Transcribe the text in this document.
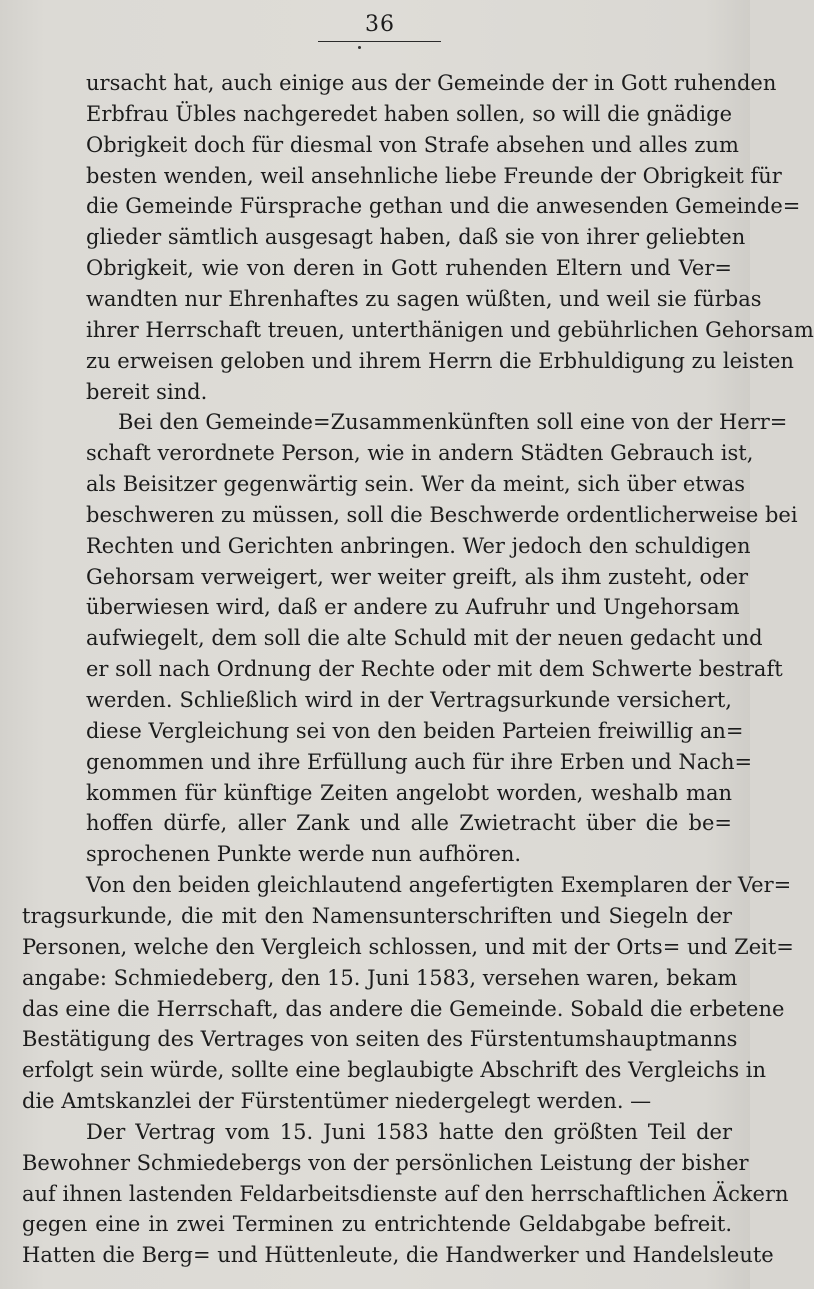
36
ursacht hat, auch einige aus der Gemeinde der in Gott ruhenden
Erbfrau Übles nachgeredet haben sollen, so will die gnädige
Obrigkeit doch für diesmal von Strafe absehen und alles zum
besten wenden, weil ansehnliche liebe Freunde der Obrigkeit für
die Gemeinde Fürsprache gethan und die anwesenden Gemeinde=
glieder sämtlich ausgesagt haben, daß sie von ihrer geliebten
Obrigkeit, wie von deren in Gott ruhenden Eltern und Ver=
wandten nur Ehrenhaftes zu sagen wüßten, und weil sie fürbas
ihrer Herrschaft treuen, unterthänigen und gebührlichen Gehorsam
zu erweisen geloben und ihrem Herrn die Erbhuldigung zu leisten
bereit sind.
Bei den Gemeinde=Zusammenkünften soll eine von der Herr=
schaft verordnete Person, wie in andern Städten Gebrauch ist,
als Beisitzer gegenwärtig sein. Wer da meint, sich über etwas
beschweren zu müssen, soll die Beschwerde ordentlicherweise bei
Rechten und Gerichten anbringen. Wer jedoch den schuldigen
Gehorsam verweigert, wer weiter greift, als ihm zusteht, oder
überwiesen wird, daß er andere zu Aufruhr und Ungehorsam
aufwiegelt, dem soll die alte Schuld mit der neuen gedacht und
er soll nach Ordnung der Rechte oder mit dem Schwerte bestraft
werden. Schließlich wird in der Vertragsurkunde versichert,
diese Vergleichung sei von den beiden Parteien freiwillig an=
genommen und ihre Erfüllung auch für ihre Erben und Nach=
kommen für künftige Zeiten angelobt worden, weshalb man
hoffen dürfe, aller Zank und alle Zwietracht über die be=
sprochenen Punkte werde nun aufhören.
Von den beiden gleichlautend angefertigten Exemplaren der Ver=
tragsurkunde, die mit den Namensunterschriften und Siegeln der
Personen, welche den Vergleich schlossen, und mit der Orts= und Zeit=
angabe: Schmiedeberg, den 15. Juni 1583, versehen waren, bekam
das eine die Herrschaft, das andere die Gemeinde. Sobald die erbetene
Bestätigung des Vertrages von seiten des Fürstentumshauptmanns
erfolgt sein würde, sollte eine beglaubigte Abschrift des Vergleichs in
die Amtskanzlei der Fürstentümer niedergelegt werden. —
Der Vertrag vom 15. Juni 1583 hatte den größten Teil der
Bewohner Schmiedebergs von der persönlichen Leistung der bisher
auf ihnen lastenden Feldarbeitsdienste auf den herrschaftlichen Äckern
gegen eine in zwei Terminen zu entrichtende Geldabgabe befreit.
Hatten die Berg= und Hüttenleute, die Handwerker und Handelsleute
